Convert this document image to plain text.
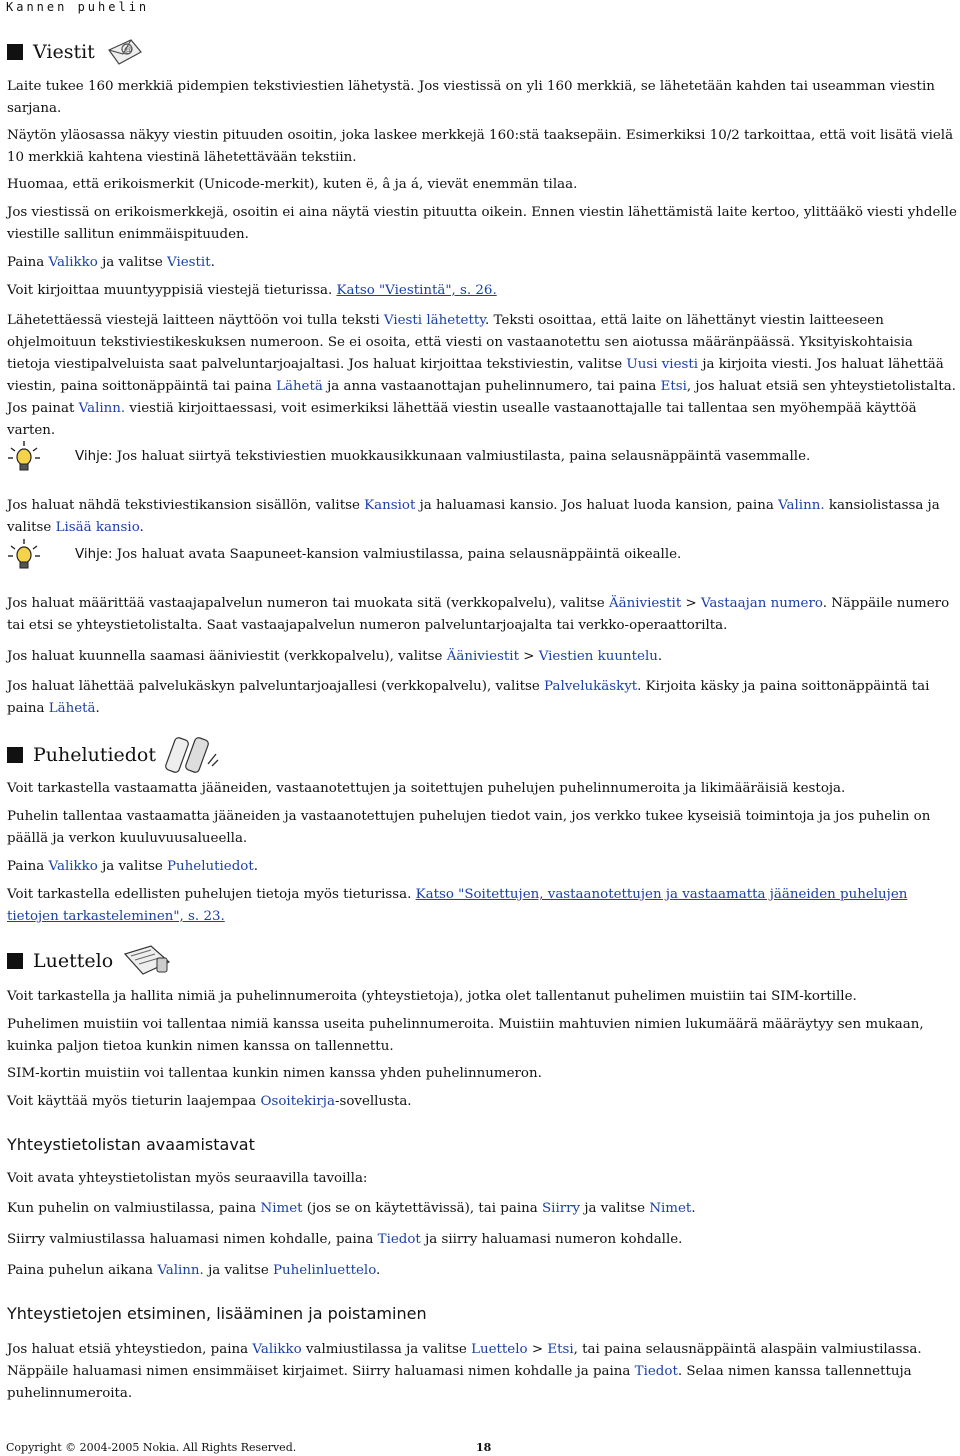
Kannen puhelin
Viestit	@

Laite tukee 160 merkkiä pidempien tekstiviestien lähetystä. Jos viestissä on yli 160 merkkiä, se lähetetään kahden tai useamman viestin sarjana.

Näytön yläosassa näkyy viestin pituuden osoitin, joka laskee merkkejä 160:stä taaksepäin. Esimerkiksi 10/2 tarkoittaa, että voit lisätä vielä 10 merkkiä kahtena viestinä lähetettävään tekstiin.

Huomaa, että erikoismerkit (Unicode-merkit), kuten ë, â ja á, vievät enemmän tilaa.

Jos viestissä on erikoismerkkejä, osoitin ei aina näytä viestin pituutta oikein. Ennen viestin lähettämistä laite kertoo, ylittääkö viesti yhdelle viestille sallitun enimmäispituuden.

Paina Valikko ja valitse Viestit.

Voit kirjoittaa muuntyyppisiä viestejä tieturissa. Katso "Viestintä", s. 26.

Lähetettäessä viestejä laitteen näyttöön voi tulla teksti Viesti lähetetty. Teksti osoittaa, että laite on lähettänyt viestin laitteeseen ohjelmoituun tekstiviestikeskuksen numeroon. Se ei osoita, että viesti on vastaanotettu sen aiotussa määränpäässä. Yksityiskohtaisia tietoja viestipalveluista saat palveluntarjoajaltasi. Jos haluat kirjoittaa tekstiviestin, valitse Uusi viesti ja kirjoita viesti. Jos haluat lähettää viestin, paina soittonäppäintä tai paina Lähetä ja anna vastaanottajan puhelinnumero, tai paina Etsi, jos haluat etsiä sen yhteystietolistalta. Jos painat Valinn. viestiä kirjoittaessasi, voit esimerkiksi lähettää viestin usealle vastaanottajalle tai tallentaa sen myöhempää käyttöä varten.

Vihje: Jos haluat siirtyä tekstiviestien muokkausikkunaan valmiustilasta, paina selausnäppäintä vasemmalle.

Jos haluat nähdä tekstiviestikansion sisällön, valitse Kansiot ja haluamasi kansio. Jos haluat luoda kansion, paina Valinn. kansiolistassa ja valitse Lisää kansio.

Vihje: Jos haluat avata Saapuneet-kansion valmiustilassa, paina selausnäppäintä oikealle.

Jos haluat määrittää vastaajapalvelun numeron tai muokata sitä (verkkopalvelu), valitse Ääniviestit > Vastaajan numero. Näppäile numero tai etsi se yhteystietolistalta. Saat vastaajapalvelun numeron palveluntarjoajalta tai verkko-operaattorilta.

Jos haluat kuunnella saamasi ääniviestit (verkkopalvelu), valitse Ääniviestit > Viestien kuuntelu.

Jos haluat lähettää palvelukäskyn palveluntarjoajallesi (verkkopalvelu), valitse Palvelukäskyt. Kirjoita käsky ja paina soittonäppäintä tai paina Lähetä.

Puhelutiedot

Voit tarkastella vastaamatta jääneiden, vastaanotettujen ja soitettujen puhelujen puhelinnumeroita ja likimääräisiä kestoja.

Puhelin tallentaa vastaamatta jääneiden ja vastaanotettujen puhelujen tiedot vain, jos verkko tukee kyseisiä toimintoja ja jos puhelin on päällä ja verkon kuuluvuusalueella.

Paina Valikko ja valitse Puhelutiedot.

Voit tarkastella edellisten puhelujen tietoja myös tieturissa. Katso "Soitettujen, vastaanotettujen ja vastaamatta jääneiden puhelujen tietojen tarkasteleminen", s. 23.

Luettelo

Voit tarkastella ja hallita nimiä ja puhelinnumeroita (yhteystietoja), jotka olet tallentanut puhelimen muistiin tai SIM-kortille.

Puhelimen muistiin voi tallentaa nimiä kanssa useita puhelinnumeroita. Muistiin mahtuvien nimien lukumäärä määräytyy sen mukaan, kuinka paljon tietoa kunkin nimen kanssa on tallennettu.

SIM-kortin muistiin voi tallentaa kunkin nimen kanssa yhden puhelinnumeron.

Voit käyttää myös tieturin laajempaa Osoitekirja-sovellusta.

Yhteystietolistan avaamistavat

Voit avata yhteystietolistan myös seuraavilla tavoilla:

Kun puhelin on valmiustilassa, paina Nimet (jos se on käytettävissä), tai paina Siirry ja valitse Nimet.

Siirry valmiustilassa haluamasi nimen kohdalle, paina Tiedot ja siirry haluamasi numeron kohdalle.

Paina puhelun aikana Valinn. ja valitse Puhelinluettelo.

Yhteystietojen etsiminen, lisääminen ja poistaminen

Jos haluat etsiä yhteystiedon, paina Valikko valmiustilassa ja valitse Luettelo > Etsi, tai paina selausnäppäintä alaspäin valmiustilassa. Näppäile haluamasi nimen ensimmäiset kirjaimet. Siirry haluamasi nimen kohdalle ja paina Tiedot. Selaa nimen kanssa tallennettuja puhelinnumeroita.

Copyright © 2004-2005 Nokia. All Rights Reserved.	18
